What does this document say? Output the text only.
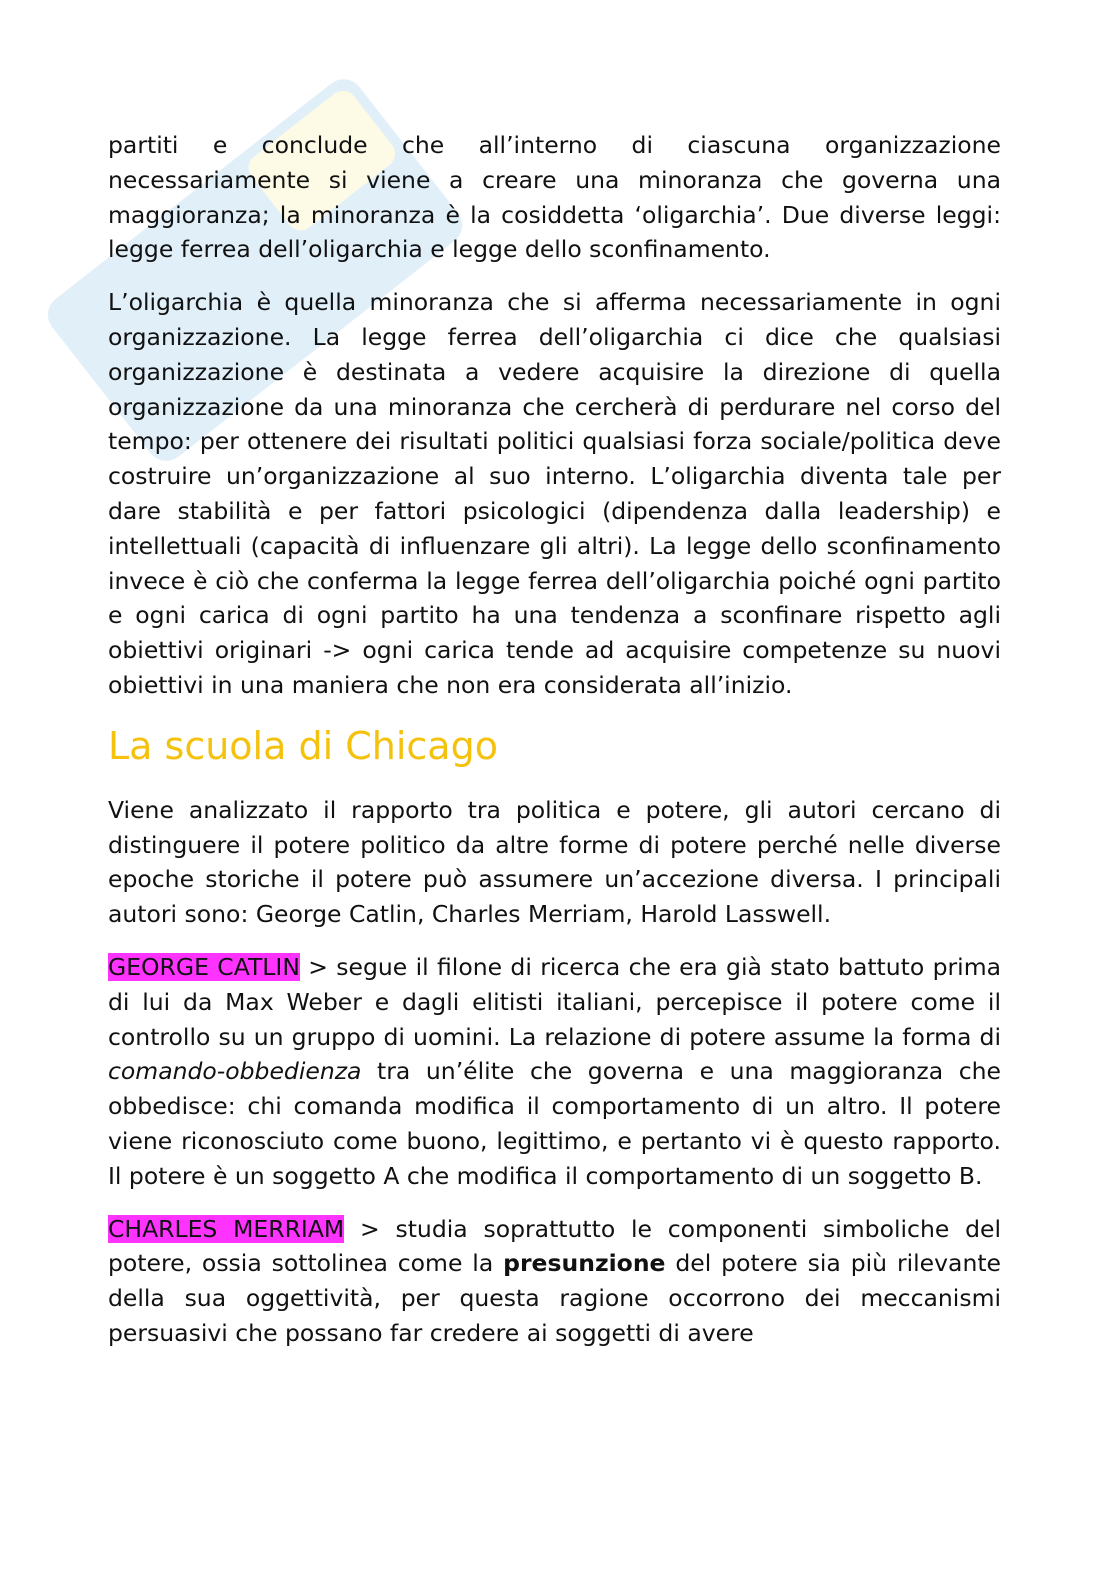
partiti e conclude che all’interno di ciascuna organizzazione necessariamente si viene a creare una minoranza che governa una maggioranza; la minoranza è la cosiddetta ‘oligarchia’. Due diverse leggi: legge ferrea dell’oligarchia e legge dello sconfinamento.

L’oligarchia è quella minoranza che si afferma necessariamente in ogni organizzazione. La legge ferrea dell’oligarchia ci dice che qualsiasi organizzazione è destinata a vedere acquisire la direzione di quella organizzazione da una minoranza che cercherà di perdurare nel corso del tempo: per ottenere dei risultati politici qualsiasi forza sociale/politica deve costruire un’organizzazione al suo interno. L’oligarchia diventa tale per dare stabilità e per fattori psicologici (dipendenza dalla leadership) e intellettuali (capacità di influenzare gli altri). La legge dello sconfinamento invece è ciò che conferma la legge ferrea dell’oligarchia poiché ogni partito e ogni carica di ogni partito ha una tendenza a sconfinare rispetto agli obiettivi originari -> ogni carica tende ad acquisire competenze su nuovi obiettivi in una maniera che non era considerata all’inizio.

La scuola di Chicago

Viene analizzato il rapporto tra politica e potere, gli autori cercano di distinguere il potere politico da altre forme di potere perché nelle diverse epoche storiche il potere può assumere un’accezione diversa. I principali autori sono: George Catlin, Charles Merriam, Harold Lasswell.

GEORGE CATLIN > segue il filone di ricerca che era già stato battuto prima di lui da Max Weber e dagli elitisti italiani, percepisce il potere come il controllo su un gruppo di uomini. La relazione di potere assume la forma di comando-obbedienza tra un’élite che governa e una maggioranza che obbedisce: chi comanda modifica il comportamento di un altro. Il potere viene riconosciuto come buono, legittimo, e pertanto vi è questo rapporto. Il potere è un soggetto A che modifica il comportamento di un soggetto B.

CHARLES MERRIAM > studia soprattutto le componenti simboliche del potere, ossia sottolinea come la presunzione del potere sia più rilevante della sua oggettività, per questa ragione occorrono dei meccanismi persuasivi che possano far credere ai soggetti di avere
